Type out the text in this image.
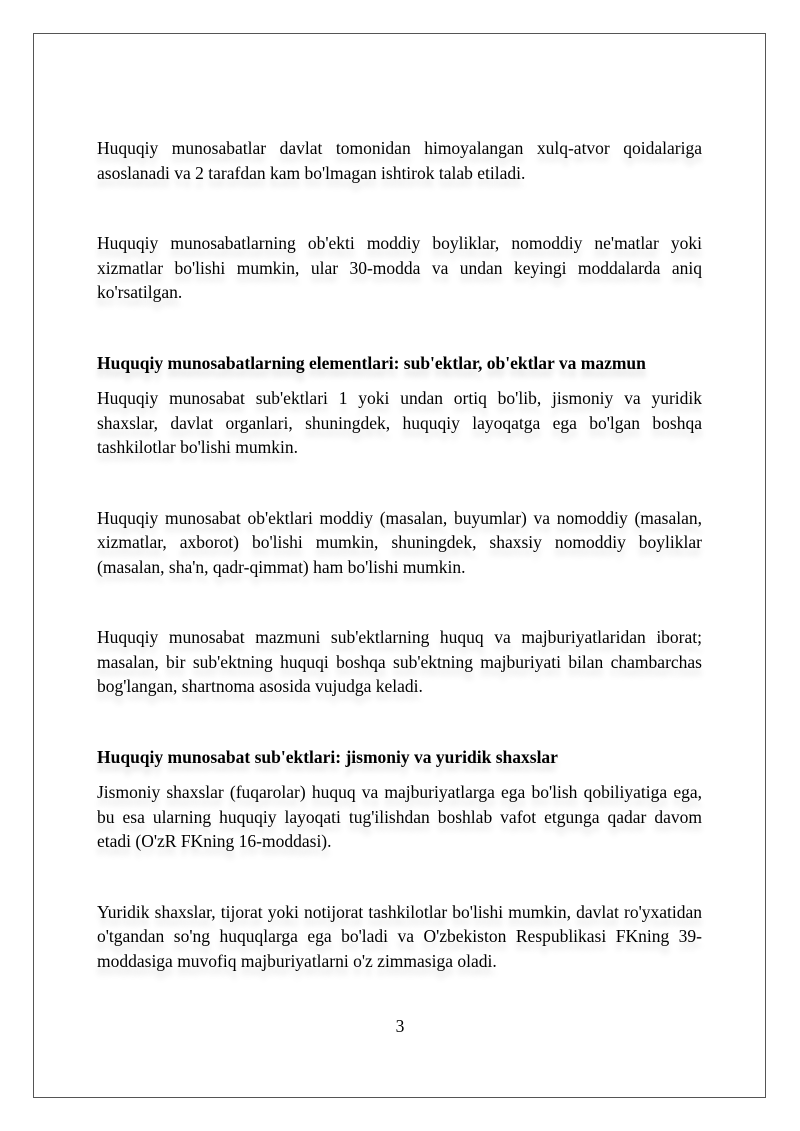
Huquqiy munosabatlar davlat tomonidan himoyalangan xulq-atvor qoidalariga asoslanadi va 2 tarafdan kam bo'lmagan ishtirok talab etiladi.

Huquqiy munosabatlarning ob'ekti moddiy boyliklar, nomoddiy ne'matlar yoki xizmatlar bo'lishi mumkin, ular 30-modda va undan keyingi moddalarda aniq ko'rsatilgan.

Huquqiy munosabatlarning elementlari: sub'ektlar, ob'ektlar va mazmun

Huquqiy munosabat sub'ektlari 1 yoki undan ortiq bo'lib, jismoniy va yuridik shaxslar, davlat organlari, shuningdek, huquqiy layoqatga ega bo'lgan boshqa tashkilotlar bo'lishi mumkin.

Huquqiy munosabat ob'ektlari moddiy (masalan, buyumlar) va nomoddiy (masalan, xizmatlar, axborot) bo'lishi mumkin, shuningdek, shaxsiy nomoddiy boyliklar (masalan, sha'n, qadr-qimmat) ham bo'lishi mumkin.

Huquqiy munosabat mazmuni sub'ektlarning huquq va majburiyatlaridan iborat; masalan, bir sub'ektning huquqi boshqa sub'ektning majburiyati bilan chambarchas bog'langan, shartnoma asosida vujudga keladi.

Huquqiy munosabat sub'ektlari: jismoniy va yuridik shaxslar

Jismoniy shaxslar (fuqarolar) huquq va majburiyatlarga ega bo'lish qobiliyatiga ega, bu esa ularning huquqiy layoqati tug'ilishdan boshlab vafot etgunga qadar davom etadi (O'zR FKning 16-moddasi).

Yuridik shaxslar, tijorat yoki notijorat tashkilotlar bo'lishi mumkin, davlat ro'yxatidan o'tgandan so'ng huquqlarga ega bo'ladi va O'zbekiston Respublikasi FKning 39-moddasiga muvofiq majburiyatlarni o'z zimmasiga oladi.

3
